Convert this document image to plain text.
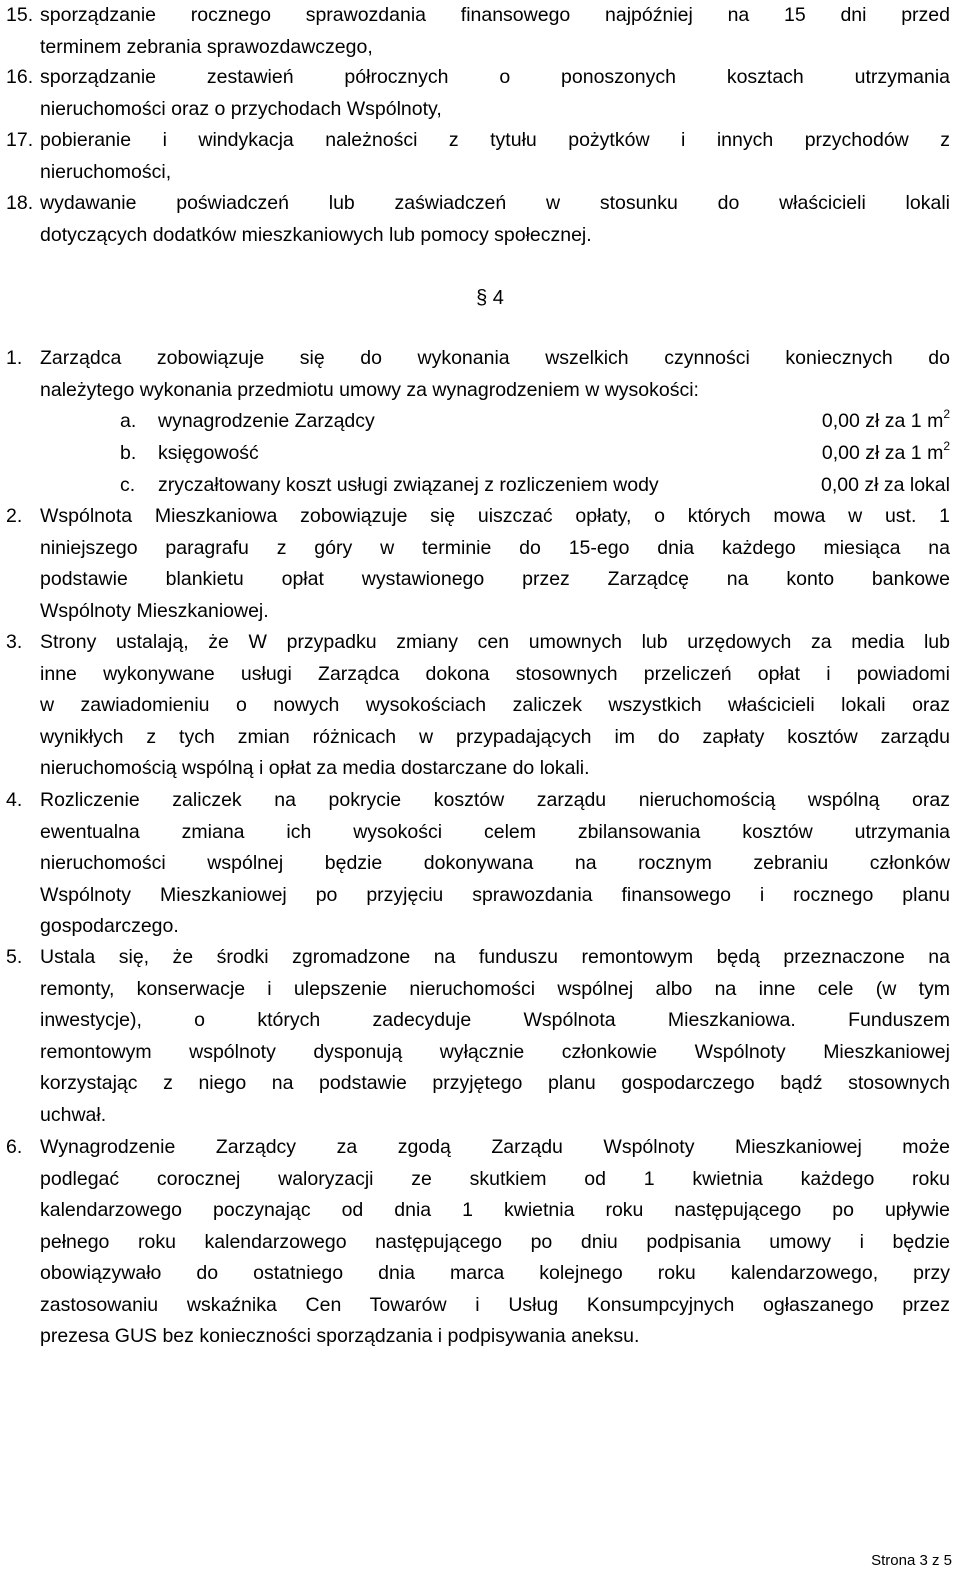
15. sporządzanie rocznego sprawozdania finansowego najpóźniej na 15 dni przed
terminem zebrania sprawozdawczego,
16. sporządzanie zestawień półrocznych o ponoszonych kosztach utrzymania
nieruchomości oraz o przychodach Wspólnoty,
17. pobieranie i windykacja należności z tytułu pożytków i innych przychodów z
nieruchomości,
18. wydawanie poświadczeń lub zaświadczeń w stosunku do właścicieli lokali
dotyczących dodatków mieszkaniowych lub pomocy społecznej.
§ 4
1. Zarządca zobowiązuje się do wykonania wszelkich czynności koniecznych do
należytego wykonania przedmiotu umowy za wynagrodzeniem w wysokości:
a. wynagrodzenie Zarządcy	0,00 zł za 1 $m^2$
b. księgowość	0,00 zł za 1 $m^2$
c. zryczałtowany koszt usługi związanej z rozliczeniem wody	0,00 zł za lokal
2. Wspólnota Mieszkaniowa zobowiązuje się uiszczać opłaty, o których mowa w ust. 1
niniejszego paragrafu z góry w terminie do 15-ego dnia każdego miesiąca na
podstawie blankietu opłat wystawionego przez Zarządcę na konto bankowe
Wspólnoty Mieszkaniowej.
3. Strony ustalają, że W przypadku zmiany cen umownych lub urzędowych za media lub
inne wykonywane usługi Zarządca dokona stosownych przeliczeń opłat i powiadomi
w zawiadomieniu o nowych wysokościach zaliczek wszystkich właścicieli lokali oraz
wynikłych z tych zmian różnicach w przypadających im do zapłaty kosztów zarządu
nieruchomością wspólną i opłat za media dostarczane do lokali.
4. Rozliczenie zaliczek na pokrycie kosztów zarządu nieruchomością wspólną oraz
ewentualna zmiana ich wysokości celem zbilansowania kosztów utrzymania
nieruchomości wspólnej będzie dokonywana na rocznym zebraniu członków
Wspólnoty Mieszkaniowej po przyjęciu sprawozdania finansowego i rocznego planu
gospodarczego.
5. Ustala się, że środki zgromadzone na funduszu remontowym będą przeznaczone na
remonty, konserwacje i ulepszenie nieruchomości wspólnej albo na inne cele (w tym
inwestycje), o których zadecyduje Wspólnota Mieszkaniowa. Funduszem
remontowym wspólnoty dysponują wyłącznie członkowie Wspólnoty Mieszkaniowej
korzystając z niego na podstawie przyjętego planu gospodarczego bądź stosownych
uchwał.
6. Wynagrodzenie Zarządcy za zgodą Zarządu Wspólnoty Mieszkaniowej może
podlegać corocznej waloryzacji ze skutkiem od 1 kwietnia każdego roku
kalendarzowego poczynając od dnia 1 kwietnia roku następującego po upływie
pełnego roku kalendarzowego następującego po dniu podpisania umowy i będzie
obowiązywało do ostatniego dnia marca kolejnego roku kalendarzowego, przy
zastosowaniu wskaźnika Cen Towarów i Usług Konsumpcyjnych ogłaszanego przez
prezesa GUS bez konieczności sporządzania i podpisywania aneksu.
Strona 3 z 5
